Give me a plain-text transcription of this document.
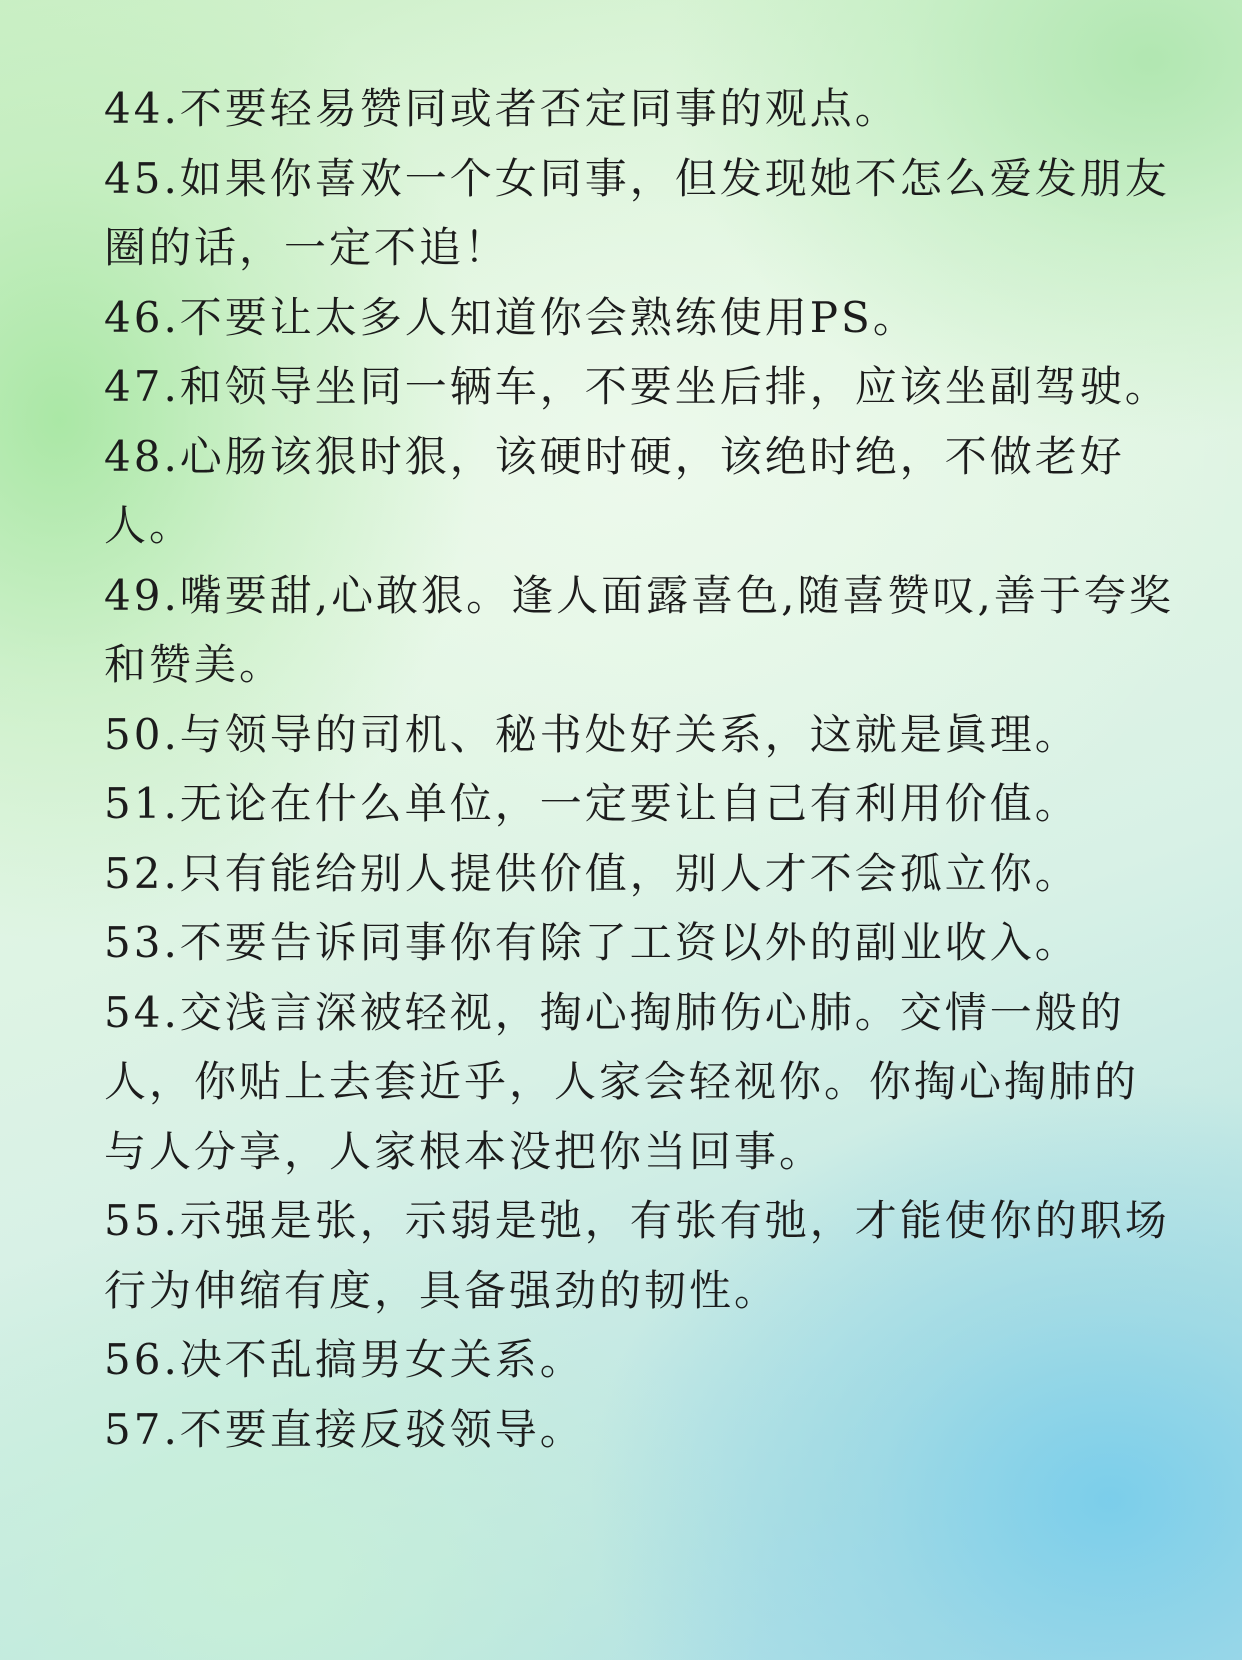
44.不要轻易赞同或者否定同事的观点。
45.如果你喜欢一个女同事，但发现她不怎么爱发朋友圈的话，一定不追！
46.不要让太多人知道你会熟练使用PS。
47.和领导坐同一辆车，不要坐后排，应该坐副驾驶。
48.心肠该狠时狠，该硬时硬，该绝时绝，不做老好人。
49.嘴要甜,心敢狠。逢人面露喜色,随喜赞叹,善于夸奖和赞美。
50.与领导的司机、秘书处好关系，这就是眞理。
51.无论在什么单位，一定要让自己有利用价值。
52.只有能给别人提供价值，别人才不会孤立你。
53.不要告诉同事你有除了工资以外的副业收入。
54.交浅言深被轻视，掏心掏肺伤心肺。交情一般的人，你贴上去套近乎，人家会轻视你。你掏心掏肺的与人分享，人家根本没把你当回事。
55.示强是张，示弱是弛，有张有弛，才能使你的职场行为伸缩有度，具备强劲的韧性。
56.决不乱搞男女关系。
57.不要直接反驳领导。
